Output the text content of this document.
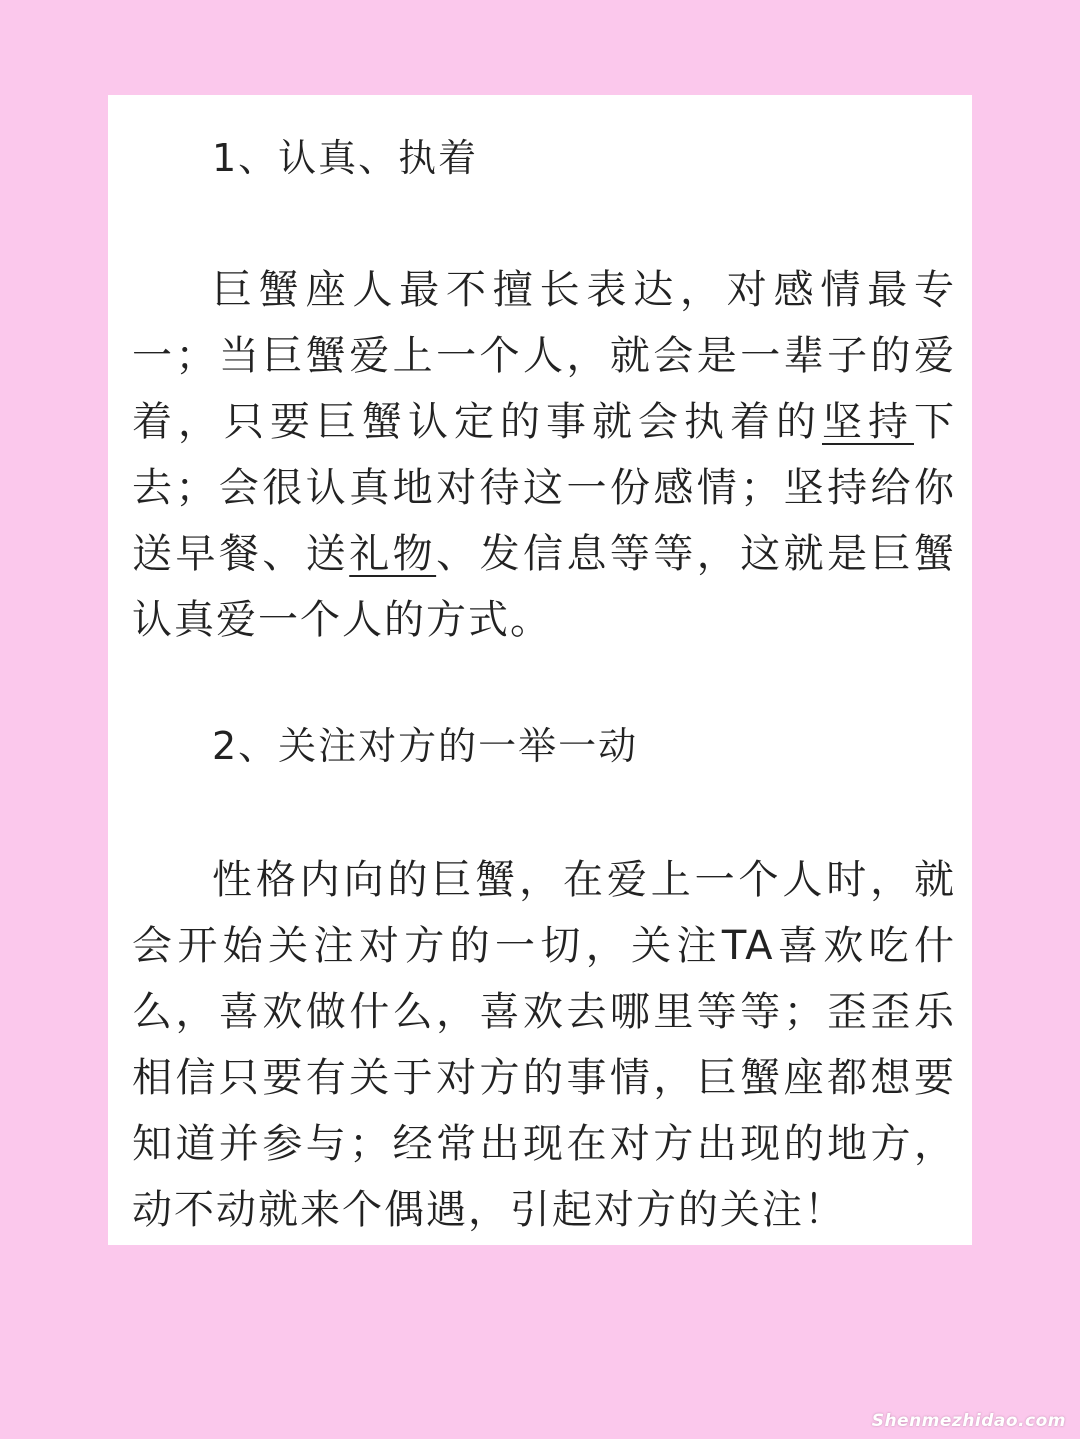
1、认真、执着

巨蟹座人最不擅长表达，对感情最专一；当巨蟹爱上一个人，就会是一辈子的爱着，只要巨蟹认定的事就会执着的坚持下去；会很认真地对待这一份感情；坚持给你送早餐、送礼物、发信息等等，这就是巨蟹认真爱一个人的方式。

2、关注对方的一举一动

性格内向的巨蟹，在爱上一个人时，就会开始关注对方的一切，关注TA喜欢吃什么，喜欢做什么，喜欢去哪里等等；歪歪乐相信只要有关于对方的事情，巨蟹座都想要知道并参与；经常出现在对方出现的地方，动不动就来个偶遇，引起对方的关注！

Shenmezhidao.com
